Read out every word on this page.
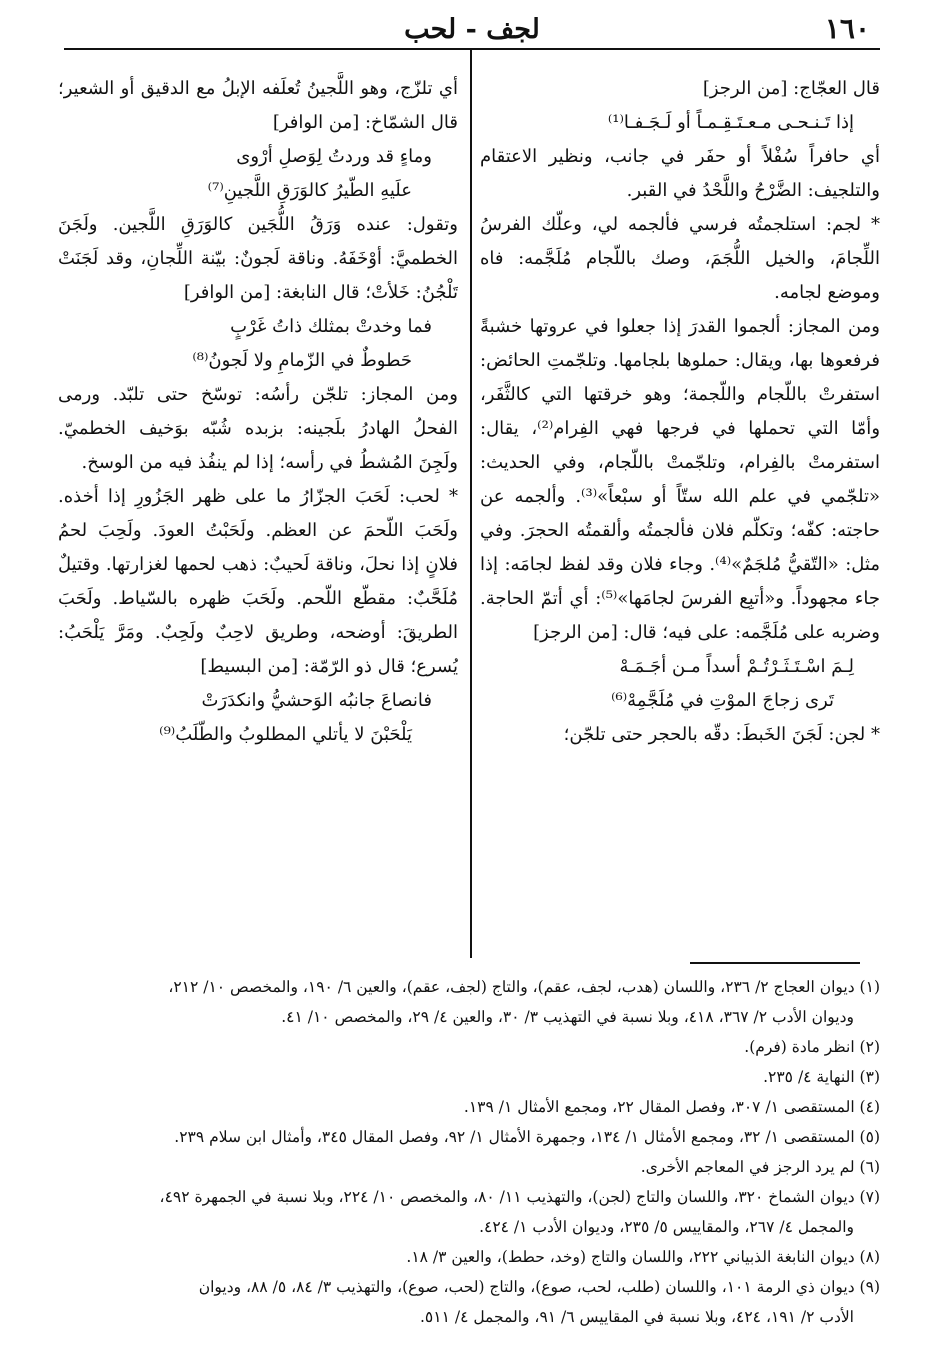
١٦٠
لجف - لحب

قال العجّاج: [من الرجز]

إذا تَـنـحـى مـعـتَـقِـمـاً أو لَـجَـفـا⁽¹⁾

أي حافراً سُفْلاً أو حفَر في جانب، ونظير الاعتقام والتلجيف: الضَّرْحُ واللَّحْدُ في القبر.

* لجم: استلجمتُه فرسي فألجمه لي، وعلّك الفرسُ اللِّجامَ، والخيل اللُّجَمَ، وصك باللّجام مُلَجَّمه: فاه وموضع لجامه.

ومن المجاز: ألجموا القدرَ إذا جعلوا في عروتها خشبةً فرفعوها بها، ويقال: حملوها بلجامها. وتلجّمتِ الحائض: استفرتْ باللّجام واللّجمة؛ وهو خرقتها التي كالثَّفَر، وأمّا التي تحملها في فرجها فهي الفِرام⁽²⁾، يقال: استفرمتْ بالفِرام، وتلجّمتْ باللّجام، وفي الحديث: «تلجّمي في علم الله ستّاً أو سبْعاً»⁽³⁾. وألجمه عن حاجته: كفّه؛ وتكلّم فلان فألجمتُه وألقمتُه الحجرَ. وفي مثل: «التّقيُّ مُلجَمٌ»⁽⁴⁾. وجاء فلان وقد لفظ لجامَه: إذا جاء مجهوداً. و«أتبِع الفرسَ لجامَها»⁽⁵⁾: أي أتمّ الحاجة. وضربه على مُلَجَّمه: على فيه؛ قال: [من الرجز]

لِـمَ اسْـتَـثَـرْتُـمْ أسداً مـن أجَـمَـهْ

تَرى زجاجَ الموْتِ في مُلَجَّمِهْ⁽⁶⁾

* لجن: لَجَنَ الخَبطَ: دقّه بالحجر حتى تلجّن؛

أي تلزّج، وهو اللَّجينُ تُعلَفه الإبلُ مع الدقيق أو الشعير؛ قال الشمّاخ: [من الوافر]

وماءٍ قد وردتُ لِوَصلِ أرْوى

علَيهِ الطّيرُ كالوَرَقِ اللَّجينِ⁽⁷⁾

وتقول: عنده وَرَقُ اللُّجَين كالوَرَقِ اللَّجين. ولَجَنَ الخطميَّ: أوْخَفَهُ. وناقة لَجونٌ: بيّنة اللِّجانِ، وقد لَجَنَتْ تَلْجُنُ: خَلأتْ؛ قال النابغة: [من الوافر]

فما وخدتْ بمثلك ذاتُ غَرْبٍ

حَطوطٌ في الزّمامِ ولا لَجونُ⁽⁸⁾

ومن المجاز: تلجّن رأسُه: توسّخ حتى تلبّد. ورمى الفحلُ الهادرُ بلَجينه: بزبده شُبّه بوَخيف الخطميّ. ولَجِنَ المُشطُ في رأسه؛ إذا لم ينفُذ فيه من الوسخ.

* لحب: لَحَبَ الجزّارُ ما على ظهر الجَزُورِ إذا أخذه. ولَحَبَ اللّحمَ عن العظم. ولَحَبْتُ العودَ. ولَحِبَ لحمُ فلانٍ إذا نحلَ، وناقة لَحيبٌ: ذهب لحمها لغزارتها. وقتيلٌ مُلَحَّبٌ: مقطّع اللّحم. ولَحَبَ ظهره بالسّياط. ولَحَبَ الطريقَ: أوضحه، وطريق لاحِبٌ ولَحِبٌ. ومَرَّ يَلْحَبُ: يُسرع؛ قال ذو الرّمّة: [من البسيط]

فانصاعَ جانبُه الوَحشيُّ وانكدَرَتْ

يَلْحَبْنَ لا يأتلي المطلوبُ والطّلَبُ⁽⁹⁾

(١) ديوان العجاج ٢/ ٢٣٦، واللسان (هدب، لجف، عقم)، والتاج (لجف، عقم)، والعين ٦/ ١٩٠، والمخصص ١٠/ ٢١٢،
وديوان الأدب ٢/ ٣٦٧، ٤١٨، وبلا نسبة في التهذيب ٣/ ٣٠، والعين ٤/ ٢٩، والمخصص ١٠/ ٤١.

(٢) انظر مادة (فرم).

(٣) النهاية ٤/ ٢٣٥.

(٤) المستقصى ١/ ٣٠٧، وفصل المقال ٢٢، ومجمع الأمثال ١/ ١٣٩.

(٥) المستقصى ١/ ٣٢، ومجمع الأمثال ١/ ١٣٤، وجمهرة الأمثال ١/ ٩٢، وفصل المقال ٣٤٥، وأمثال ابن سلام ٢٣٩.

(٦) لم يرد الرجز في المعاجم الأخرى.

(٧) ديوان الشماخ ٣٢٠، واللسان والتاج (لجن)، والتهذيب ١١/ ٨٠، والمخصص ١٠/ ٢٢٤، وبلا نسبة في الجمهرة ٤٩٢،
والمجمل ٤/ ٢٦٧، والمقاييس ٥/ ٢٣٥، وديوان الأدب ١/ ٤٢٤.

(٨) ديوان النابغة الذبياني ٢٢٢، واللسان والتاج (وخد، حطط)، والعين ٣/ ١٨.

(٩) ديوان ذي الرمة ١٠١، واللسان (طلب، لحب، صوع)، والتاج (لحب، صوع)، والتهذيب ٣/ ٨٤، ٥/ ٨٨، وديوان
الأدب ٢/ ١٩١، ٤٢٤، وبلا نسبة في المقاييس ٦/ ٩١، والمجمل ٤/ ٥١١.
